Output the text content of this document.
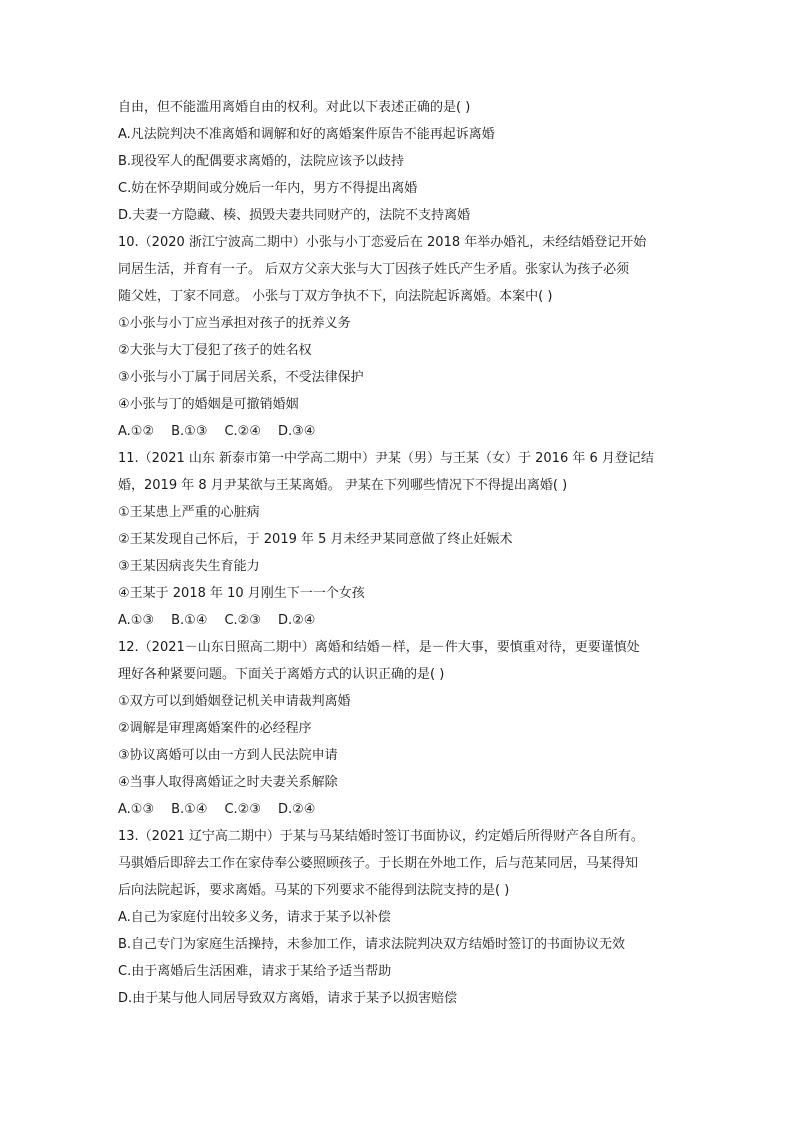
自由，但不能滥用离婚自由的权利。对此以下表述正确的是( )
A.凡法院判决不准离婚和调解和好的离婚案件原告不能再起诉离婚
B.现役军人的配偶要求离婚的，法院应该予以歧持
C.妨在怀孕期间或分娩后一年内，男方不得提出离婚
D.夫妻一方隐藏、楱、损毁夫妻共同财产的，法院不支持离婚
10.（2020 浙江宁波高二期中）小张与小丁恋爱后在 2018 年举办婚礼，未经结婚登记开始
同居生活，并育有一子。 后双方父亲大张与大丁因孩子姓氏产生矛盾。张家认为孩子必须
随父姓，丁家不同意。 小张与丁双方争执不下，向法院起诉离婚。本案中( )
①小张与小丁应当承担对孩子的抚养义务
②大张与大丁侵犯了孩子的姓名权
③小张与小丁属于同居关系，不受法律保护
④小张与丁的婚姻是可撤销婚姻
A.①② B.①③ C.②④ D.③④
11.（2021 山东 新泰市第一中学高二期中）尹某（男）与王某（女）于 2016 年 6 月登记结
婚，2019 年 8 月尹某欲与王某离婚。 尹某在下列哪些情况下不得提出离婚( )
①王某患上严重的心脏病
②王某发现自己怀后，于 2019 年 5 月未经尹某同意做了终止妊娠术
③王某因病丧失生育能力
④王某于 2018 年 10 月刚生下一一个女孩
A.①③ B.①④ C.②③ D.②④
12.（2021－山东日照高二期中）离婚和结婚－样，是－件大事，要慎重对待，更要谨慎处
理好各种紧要问题。下面关于离婚方式的认识正确的是( )
①双方可以到婚姻登记机关申请裁判离婚
②调解是审理离婚案件的必经程序
③协议离婚可以由一方到人民法院申请
④当事人取得离婚证之时夫妻关系解除
A.①③ B.①④ C.②③ D.②④
13.（2021 辽宁高二期中）于某与马某结婚时签订书面协议，约定婚后所得财产各自所有。
马骐婚后即辞去工作在家侍奉公婆照顾孩子。于长期在外地工作，后与范某同居，马某得知
后向法院起诉，要求离婚。马某的下列要求不能得到法院支持的是( )
A.自己为家庭付出较多义务，请求于某予以补偿
B.自己专门为家庭生活操持，未参加工作，请求法院判决双方结婚时签订的书面协议无效
C.由于离婚后生活困难，请求于某给予适当帮助
D.由于某与他人同居导致双方离婚，请求于某予以损害赔偿
